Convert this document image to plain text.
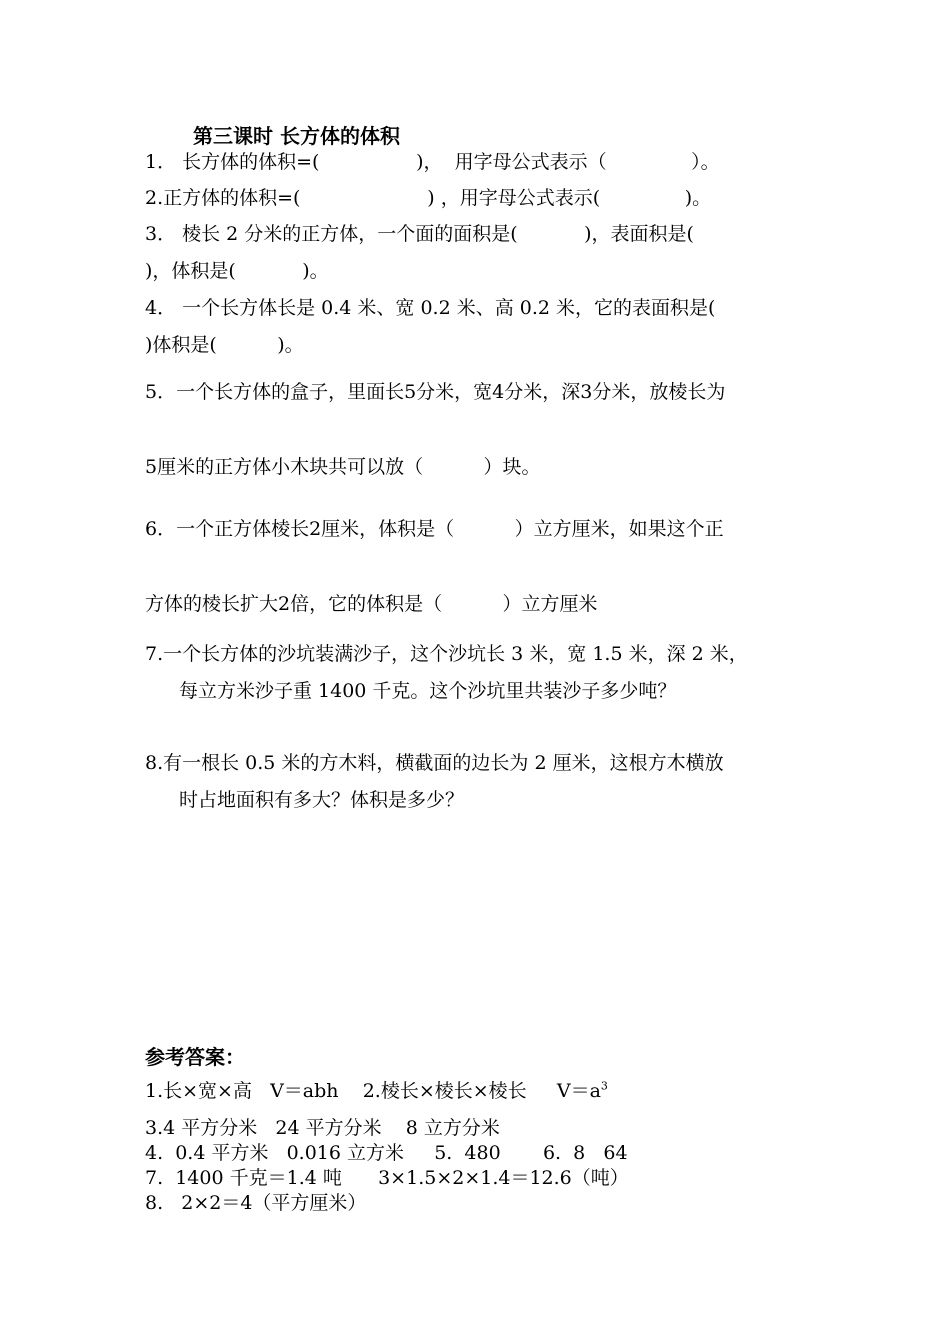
第三课时 长方体的体积
1． 长方体的体积=(                )，  用字母公式表示（              ）。
2.正方体的体积=(                     ) ，用字母公式表示(              )。
3． 棱长 2 分米的正方体，一个面的面积是(           )，表面积是(
)，体积是(           )。
4． 一个长方体长是 0.4 米、宽 0.2 米、高 0.2 米，它的表面积是(
)体积是(          )。
5．一个长方体的盒子，里面长5分米，宽4分米，深3分米，放棱长为
5厘米的正方体小木块共可以放（          ）块。
6．一个正方体棱长2厘米，体积是（          ）立方厘米，如果这个正
方体的棱长扩大2倍，它的体积是（          ）立方厘米
7.一个长方体的沙坑装满沙子，这个沙坑长 3 米，宽 1.5 米，深 2 米，
每立方米沙子重 1400 千克。这个沙坑里共装沙子多少吨？
8.有一根长 0.5 米的方木料，横截面的边长为 2 厘米，这根方木横放
时占地面积有多大？体积是多少？
参考答案：
1.长×宽×高   V＝abh    2.棱长×棱长×棱长     $V=a^3$
3.4 平方分米   24 平方分米    8 立方分米
4.  0.4 平方米   0.016 立方米     5.  480       6.  8   64
7.  1400 千克＝1.4 吨      3×1.5×2×1.4＝12.6（吨）
8.   2×2＝4（平方厘米）
